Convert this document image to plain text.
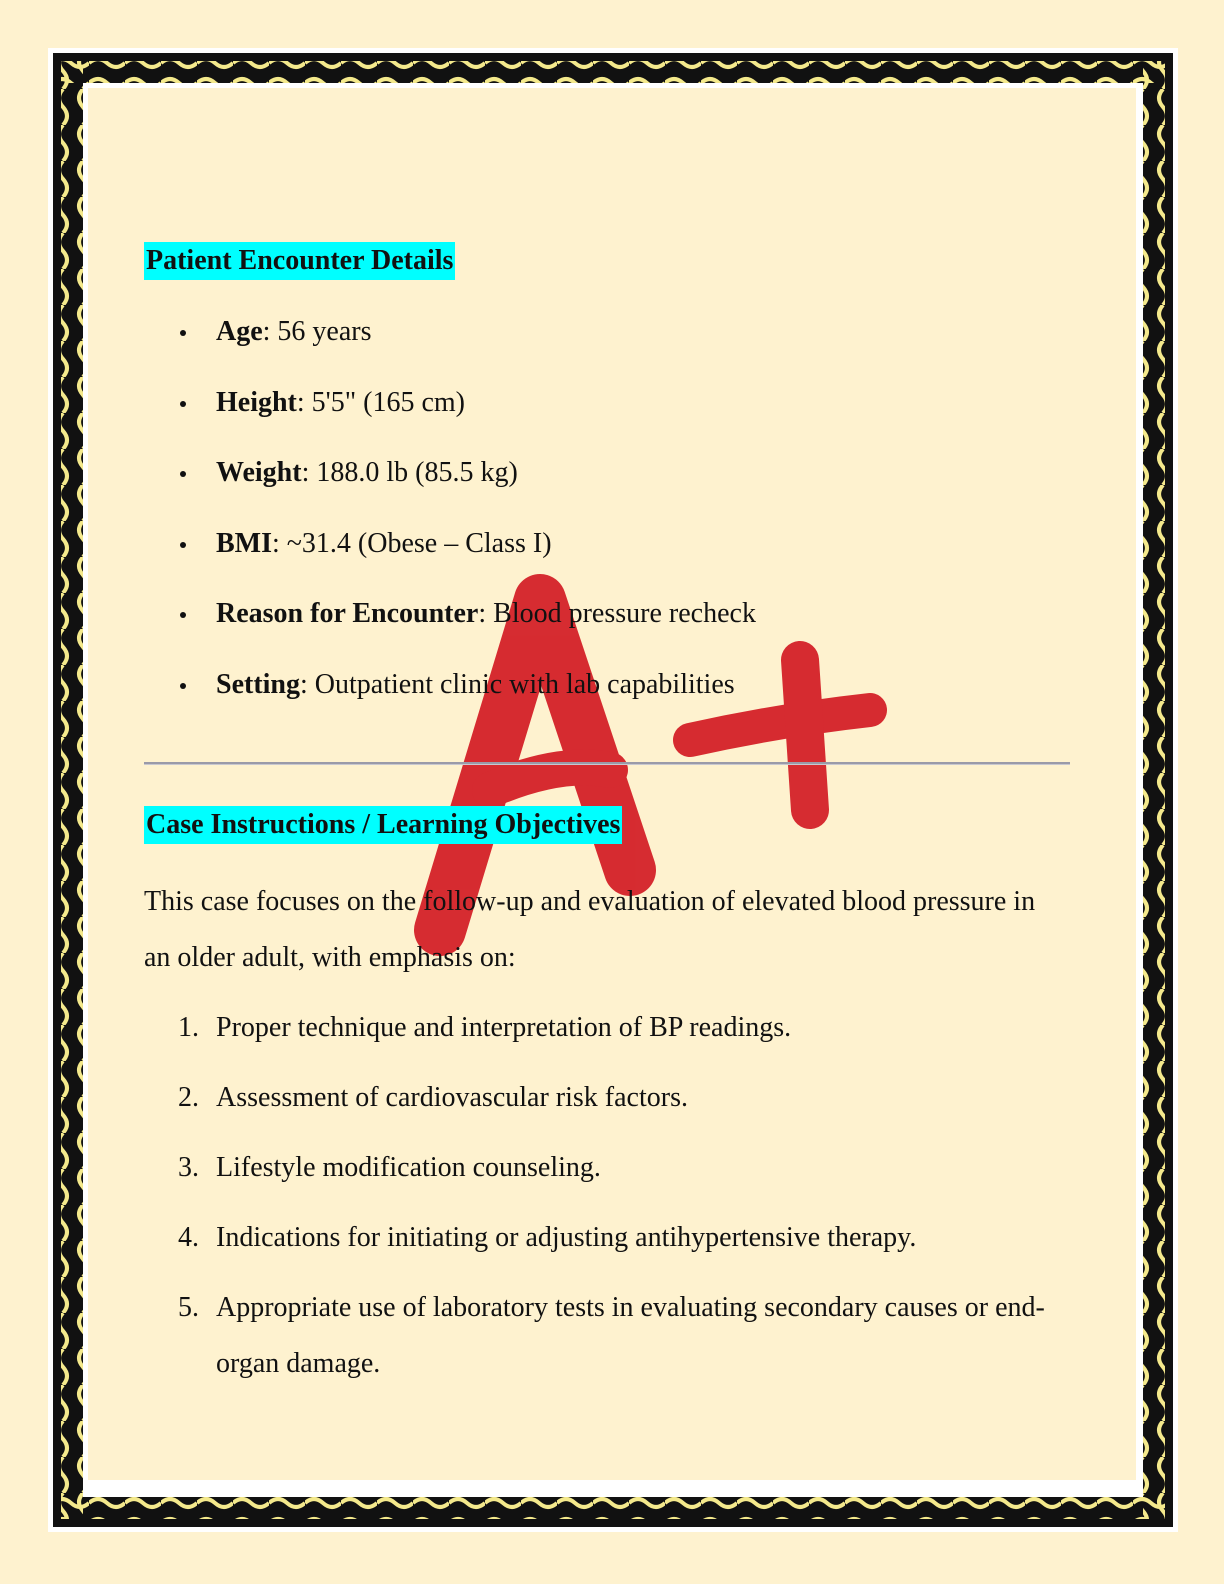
Patient Encounter Details
Age: 56 years
Height: 5'5" (165 cm)
Weight: 188.0 lb (85.5 kg)
BMI: ~31.4 (Obese – Class I)
Reason for Encounter: Blood pressure recheck
Setting: Outpatient clinic with lab capabilities
Case Instructions / Learning Objectives

This case focuses on the follow-up and evaluation of elevated blood pressure in an older adult, with emphasis on:

1. Proper technique and interpretation of BP readings.
2. Assessment of cardiovascular risk factors.
3. Lifestyle modification counseling.
4. Indications for initiating or adjusting antihypertensive therapy.
5. Appropriate use of laboratory tests in evaluating secondary causes or end-organ damage.
